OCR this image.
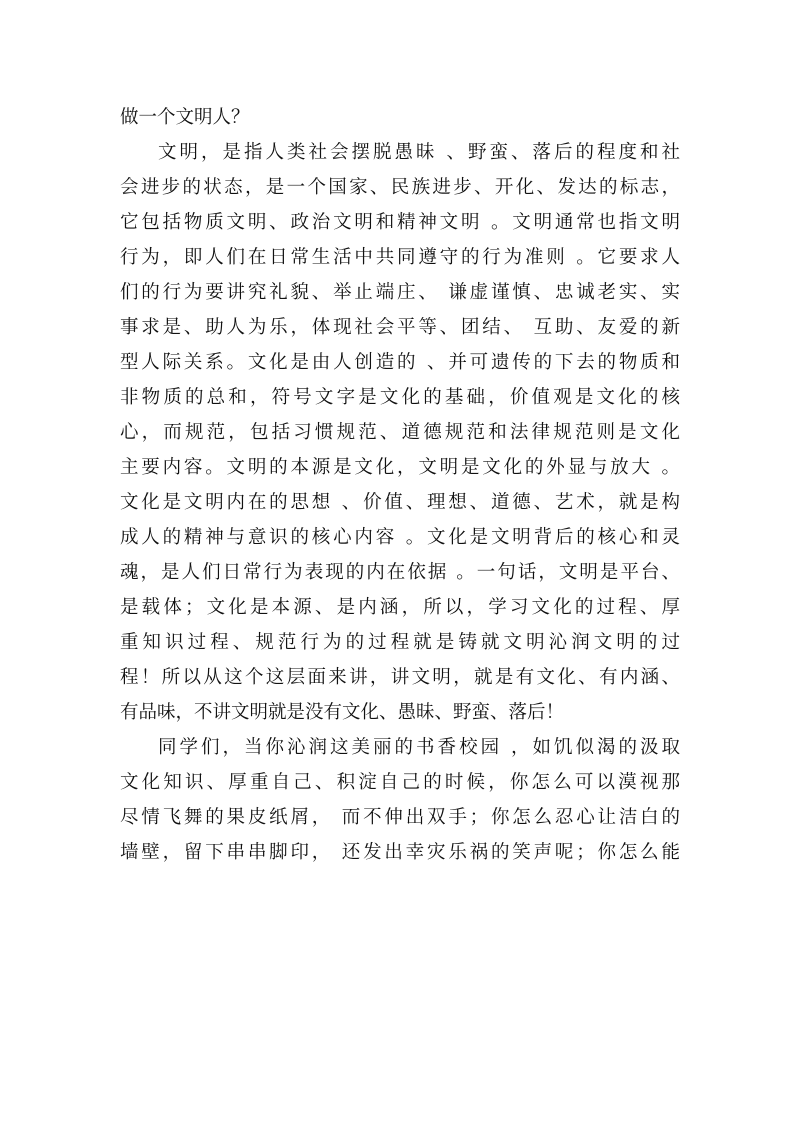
做一个文明人？
文明，是指人类社会摆脱愚昧 、野蛮、落后的程度和社
会进步的状态，是一个国家、民族进步、开化、发达的标志，
它包括物质文明、政治文明和精神文明 。文明通常也指文明
行为，即人们在日常生活中共同遵守的行为准则 。它要求人
们的行为要讲究礼貌、举止端庄、 谦虚谨慎、忠诚老实、实
事求是、助人为乐，体现社会平等、团结、 互助、友爱的新
型人际关系。文化是由人创造的 、并可遗传的下去的物质和
非物质的总和，符号文字是文化的基础，价值观是文化的核
心，而规范，包括习惯规范、道德规范和法律规范则是文化
主要内容。文明的本源是文化，文明是文化的外显与放大 。
文化是文明内在的思想 、价值、理想、道德、艺术，就是构
成人的精神与意识的核心内容 。文化是文明背后的核心和灵
魂，是人们日常行为表现的内在依据 。一句话，文明是平台、
是载体；文化是本源、是内涵，所以，学习文化的过程、厚
重知识过程、规范行为的过程就是铸就文明沁润文明的过
程！所以从这个这层面来讲，讲文明，就是有文化、有内涵、
有品味，不讲文明就是没有文化、愚昧、野蛮、落后！
同学们，当你沁润这美丽的书香校园 ，如饥似渴的汲取
文化知识、厚重自己、积淀自己的时候，你怎么可以漠视那
尽情飞舞的果皮纸屑， 而不伸出双手；你怎么忍心让洁白的
墙壁，留下串串脚印， 还发出幸灾乐祸的笑声呢；你怎么能
